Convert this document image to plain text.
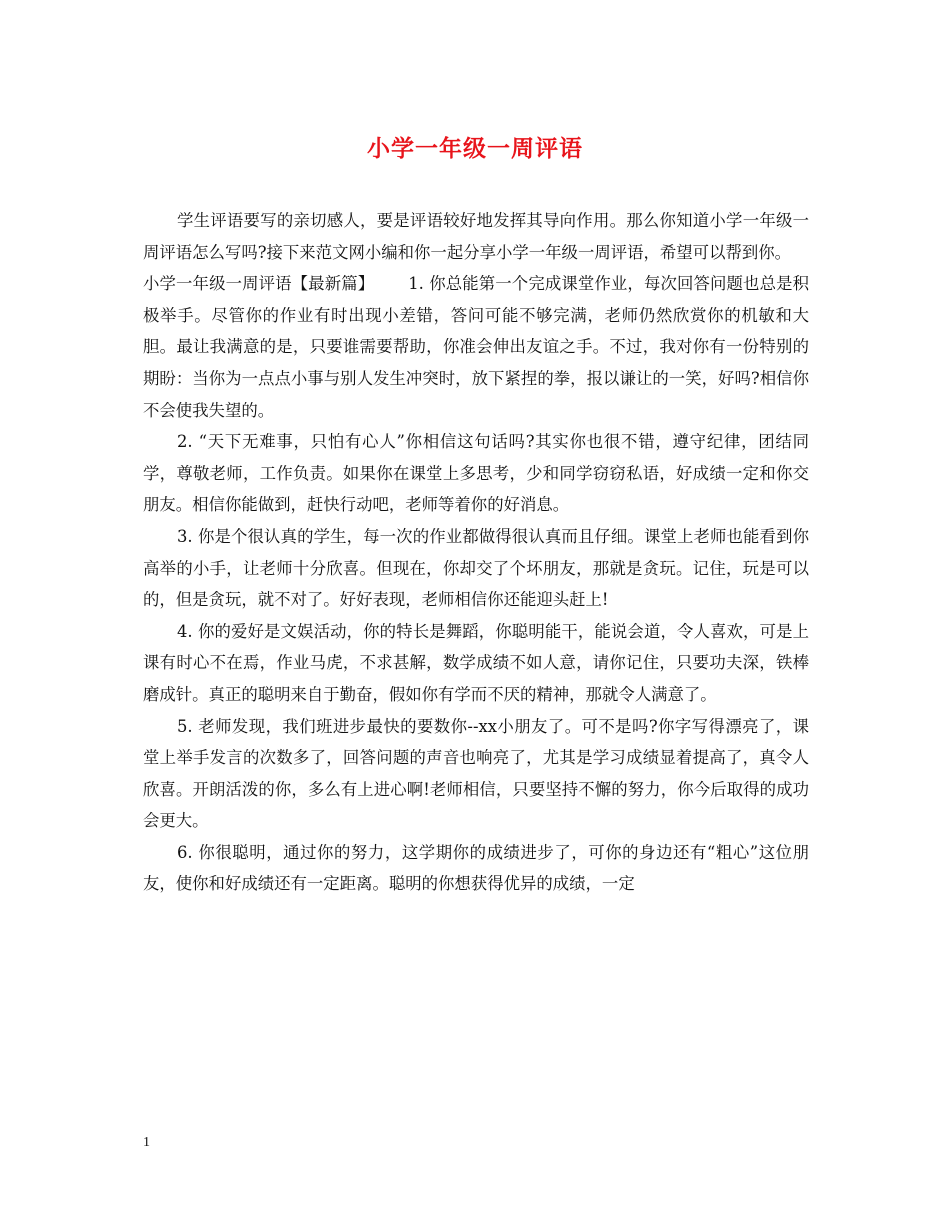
小学一年级一周评语

学生评语要写的亲切感人，要是评语较好地发挥其导向作用。那么你知道小学一年级一周评语怎么写吗?接下来范文网小编和你一起分享小学一年级一周评语，希望可以帮到你。

小学一年级一周评语【最新篇】 1. 你总能第一个完成课堂作业，每次回答问题也总是积极举手。尽管你的作业有时出现小差错，答问可能不够完满，老师仍然欣赏你的机敏和大胆。最让我满意的是，只要谁需要帮助，你准会伸出友谊之手。不过，我对你有一份特别的期盼：当你为一点点小事与别人发生冲突时，放下紧捏的拳，报以谦让的一笑，好吗?相信你不会使我失望的。

2. “天下无难事，只怕有心人”你相信这句话吗?其实你也很不错，遵守纪律，团结同学，尊敬老师，工作负责。如果你在课堂上多思考，少和同学窃窃私语，好成绩一定和你交朋友。相信你能做到，赶快行动吧，老师等着你的好消息。

3. 你是个很认真的学生，每一次的作业都做得很认真而且仔细。课堂上老师也能看到你高举的小手，让老师十分欣喜。但现在，你却交了个坏朋友，那就是贪玩。记住，玩是可以的，但是贪玩，就不对了。好好表现，老师相信你还能迎头赶上!

4. 你的爱好是文娱活动，你的特长是舞蹈，你聪明能干，能说会道，令人喜欢，可是上课有时心不在焉，作业马虎，不求甚解，数学成绩不如人意，请你记住，只要功夫深，铁棒磨成针。真正的聪明来自于勤奋，假如你有学而不厌的精神，那就令人满意了。

5. 老师发现，我们班进步最快的要数你--xx小朋友了。可不是吗?你字写得漂亮了，课堂上举手发言的次数多了，回答问题的声音也响亮了，尤其是学习成绩显着提高了，真令人欣喜。开朗活泼的你，多么有上进心啊!老师相信，只要坚持不懈的努力，你今后取得的成功会更大。

6. 你很聪明，通过你的努力，这学期你的成绩进步了，可你的身边还有“粗心”这位朋友，使你和好成绩还有一定距离。聪明的你想获得优异的成绩，一定

1
